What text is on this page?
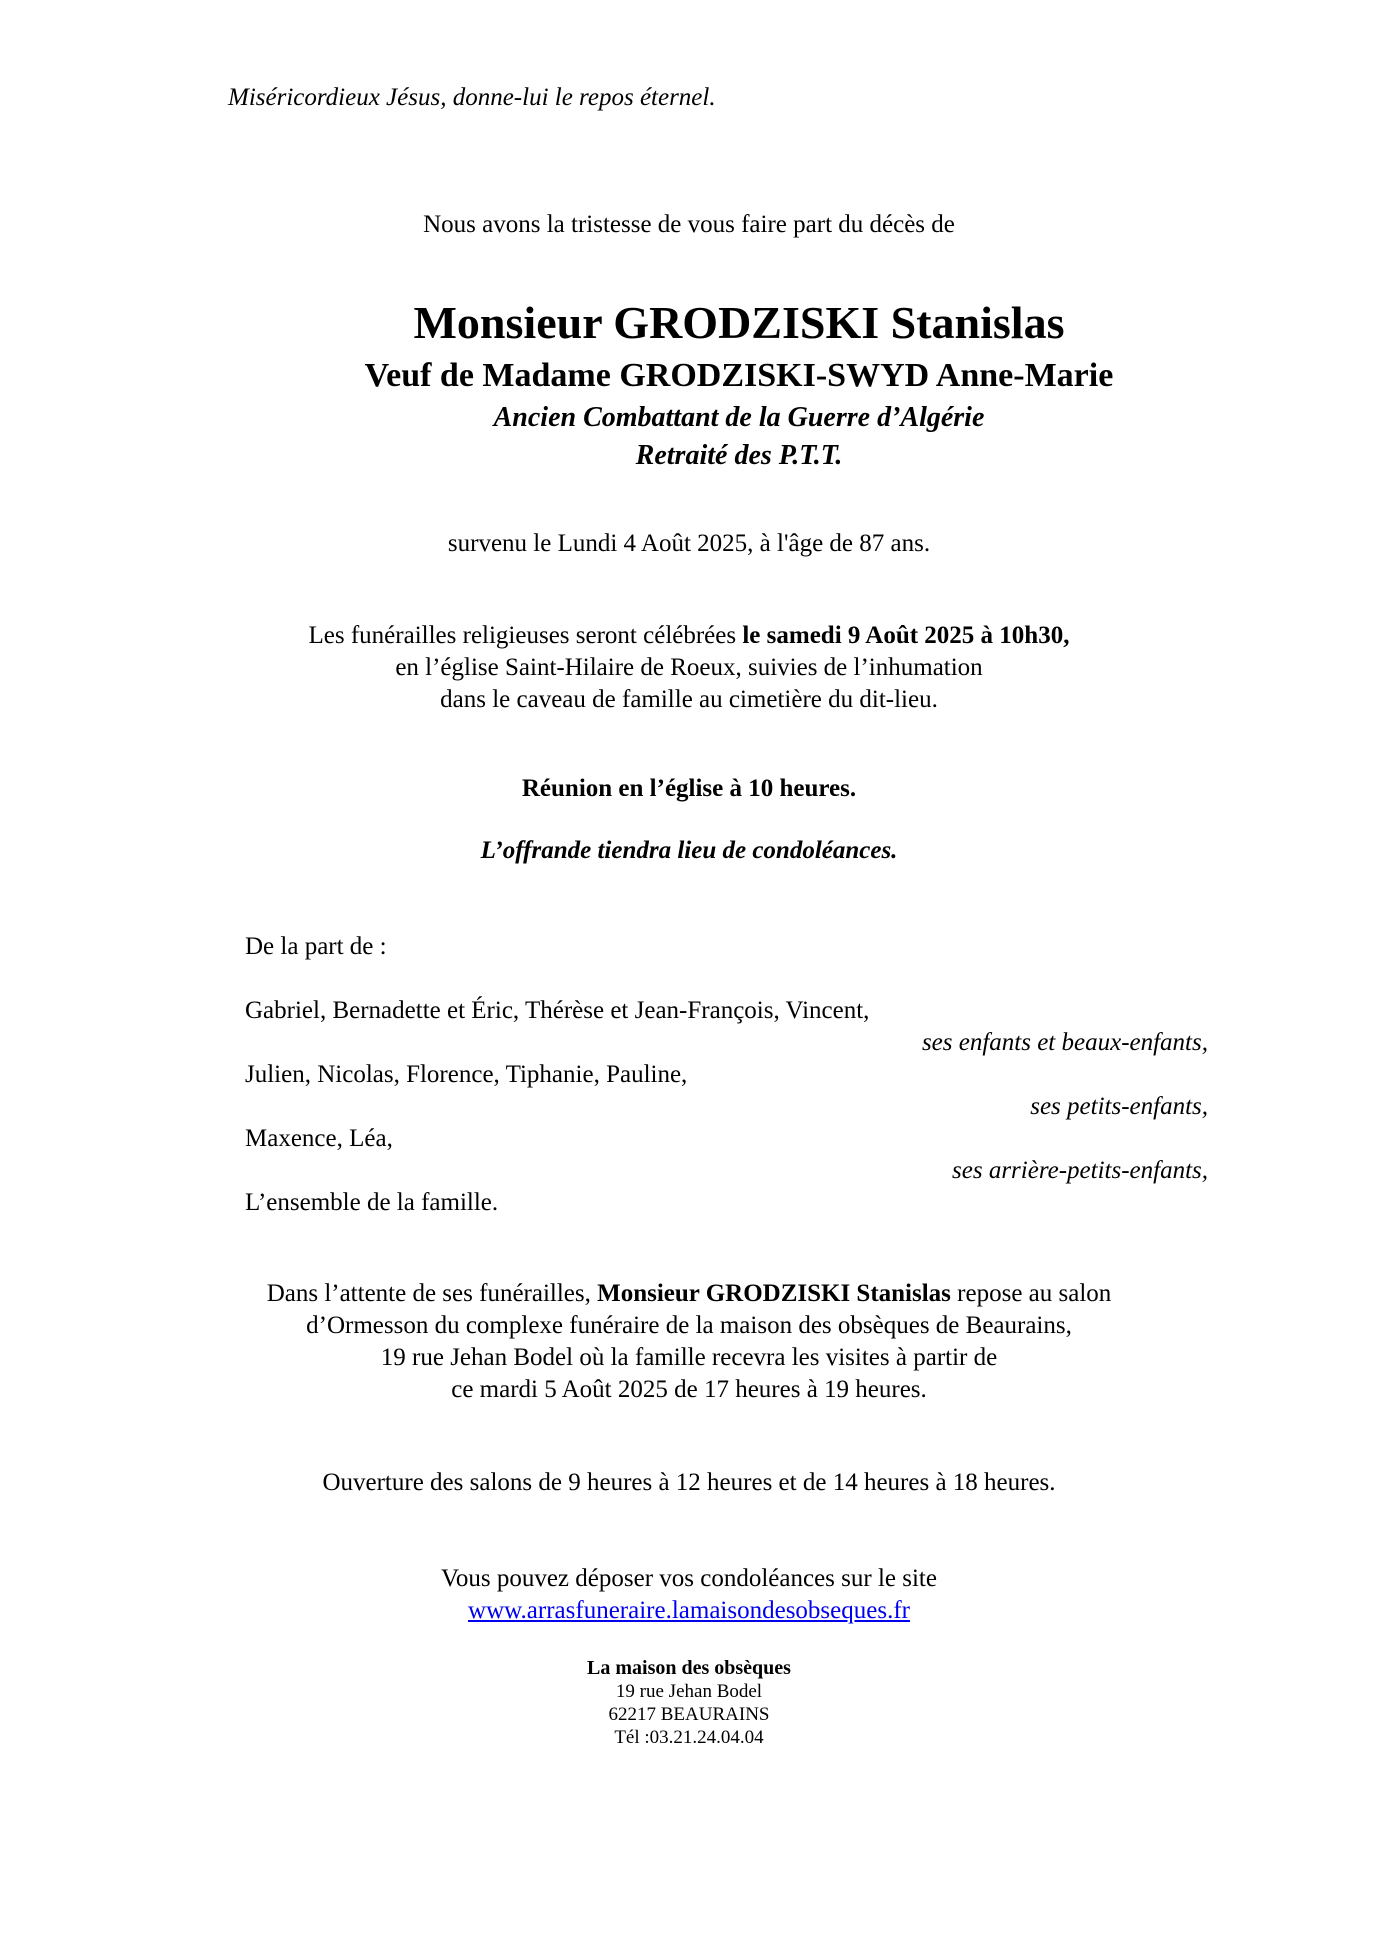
Miséricordieux Jésus, donne-lui le repos éternel.
Nous avons la tristesse de vous faire part du décès de
Monsieur GRODZISKI Stanislas
Veuf de Madame GRODZISKI-SWYD Anne-Marie
Ancien Combattant de la Guerre d’Algérie
Retraité des P.T.T.
survenu le Lundi 4 Août 2025, à l'âge de 87 ans.
Les funérailles religieuses seront célébrées le samedi 9 Août 2025 à 10h30,
en l’église Saint-Hilaire de Roeux, suivies de l’inhumation
dans le caveau de famille au cimetière du dit-lieu.
Réunion en l’église à 10 heures.
L’offrande tiendra lieu de condoléances.
De la part de :
Gabriel, Bernadette et Éric, Thérèse et Jean-François, Vincent,
ses enfants et beaux-enfants,
Julien, Nicolas, Florence, Tiphanie, Pauline,
ses petits-enfants,
Maxence, Léa,
ses arrière-petits-enfants,
L’ensemble de la famille.
Dans l’attente de ses funérailles, Monsieur GRODZISKI Stanislas repose au salon
d’Ormesson du complexe funéraire de la maison des obsèques de Beaurains,
19 rue Jehan Bodel où la famille recevra les visites à partir de
ce mardi 5 Août 2025 de 17 heures à 19 heures.
Ouverture des salons de 9 heures à 12 heures et de 14 heures à 18 heures.
Vous pouvez déposer vos condoléances sur le site
www.arrasfuneraire.lamaisondesobseques.fr
La maison des obsèques
19 rue Jehan Bodel
62217 BEAURAINS
Tél :03.21.24.04.04
